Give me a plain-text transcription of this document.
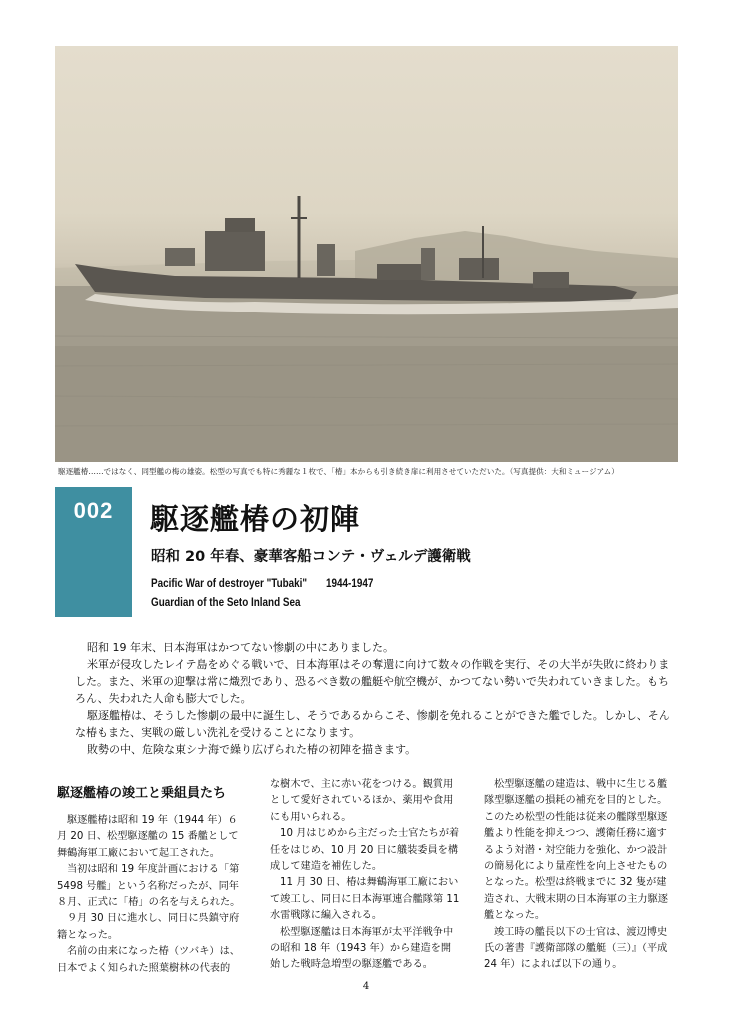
駆逐艦椿……ではなく、同型艦の梅の雄姿。松型の写真でも特に秀麗な１枚で、「椿」本からも引き続き扉に利用させていただいた。（写真提供：大和ミュージアム）
002	駆逐艦椿の初陣
昭和 20 年春、豪華客船コンテ・ヴェルデ護衛戦
Pacific War of destroyer "Tubaki" 1944-1947
Guardian of the Seto Inland Sea

昭和 19 年末、日本海軍はかつてない惨劇の中にありました。

米軍が侵攻したレイテ島をめぐる戦いで、日本海軍はその奪還に向けて数々の作戦を実行、その大半が失敗に終わりました。また、米軍の迎撃は常に熾烈であり、恐るべき数の艦艇や航空機が、かつてない勢いで失われていきました。もちろん、失われた人命も膨大でした。

駆逐艦椿は、そうした惨劇の最中に誕生し、そうであるからこそ、惨劇を免れることができた艦でした。しかし、そんな椿もまた、実戦の厳しい洗礼を受けることになります。

敗勢の中、危険な東シナ海で繰り広げられた椿の初陣を描きます。

駆逐艦椿の竣工と乗組員たち

駆逐艦椿は昭和 19 年（1944 年）６月 20 日、松型駆逐艦の 15 番艦として舞鶴海軍工廠において起工された。

当初は昭和 19 年度計画における「第 5498 号艦」という名称だったが、同年８月、正式に「椿」の名を与えられた。

９月 30 日に進水し、同日に呉鎮守府籍となった。

名前の由来になった椿（ツバキ）は、日本でよく知られた照葉樹林の代表的

な樹木で、主に赤い花をつける。観賞用として愛好されているほか、薬用や食用にも用いられる。

10 月はじめから主だった士官たちが着任をはじめ、10 月 20 日に艤装委員を構成して建造を補佐した。

11 月 30 日、椿は舞鶴海軍工廠において竣工し、同日に日本海軍連合艦隊第 11 水雷戦隊に編入される。

松型駆逐艦は日本海軍が太平洋戦争中の昭和 18 年（1943 年）から建造を開始した戦時急増型の駆逐艦である。

松型駆逐艦の建造は、戦中に生じる艦隊型駆逐艦の損耗の補充を目的とした。このため松型の性能は従来の艦隊型駆逐艦より性能を抑えつつ、護衛任務に適するよう対潜・対空能力を強化、かつ設計の簡易化により量産性を向上させたものとなった。松型は終戦までに 32 隻が建造され、大戦末期の日本海軍の主力駆逐艦となった。

竣工時の艦長以下の士官は、渡辺博史氏の著書『護衛部隊の艦艇（三）』（平成 24 年）によれば以下の通り。

4
